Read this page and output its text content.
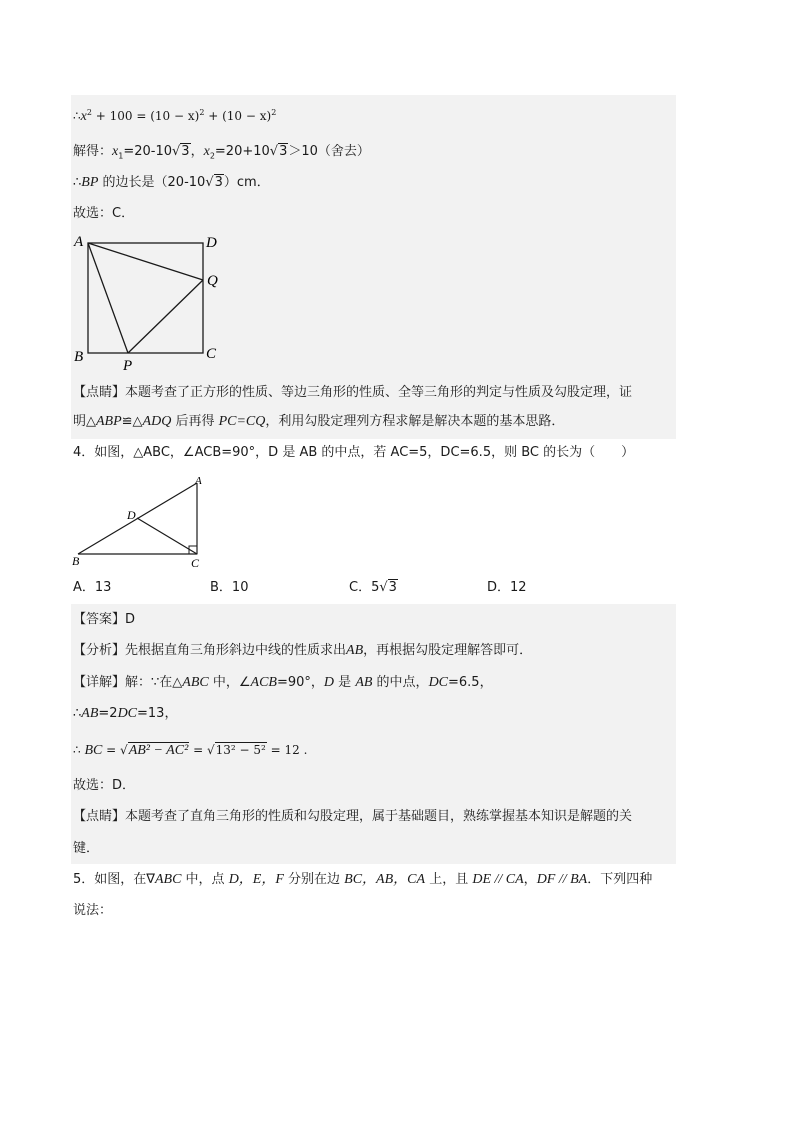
$\therefore x^2 + 100 = (10 - x)^2 + (10 - x)^2$
解得：$x_1=20-10√3$，$x_2=20+10√3>10$（舍去）
∴BP 的边长是（20-10√3）cm．
故选：C．
A	D
Q
B
P
C
【点睛】本题考查了正方形的性质、等边三角形的性质、全等三角形的判定与性质及勾股定理，证
明△ABP≌△ADQ 后再得 PC=CQ，利用勾股定理列方程求解是解决本题的基本思路．
4．如图，△ABC，∠ACB=90°，D 是 AB 的中点，若 AC=5，DC=6.5，则 BC 的长为（　　）
A
D
B	C
A．13	B．10	C．5√3	D．12
【答案】D
【分析】先根据直角三角形斜边中线的性质求出AB，再根据勾股定理解答即可．
【详解】解：∵在△ABC 中，∠ACB=90°，D 是 AB 的中点，DC=6.5，
∴AB=2DC=13，
∴ BC = √AB² − AC² = √13² − 5² = 12 .
故选：D．
【点睛】本题考查了直角三角形的性质和勾股定理，属于基础题目，熟练掌握基本知识是解题的关
键．
5．如图，在∇ABC 中，点 D，E，F 分别在边 BC，AB，CA 上，且 DE // CA，DF // BA．下列四种
说法：
